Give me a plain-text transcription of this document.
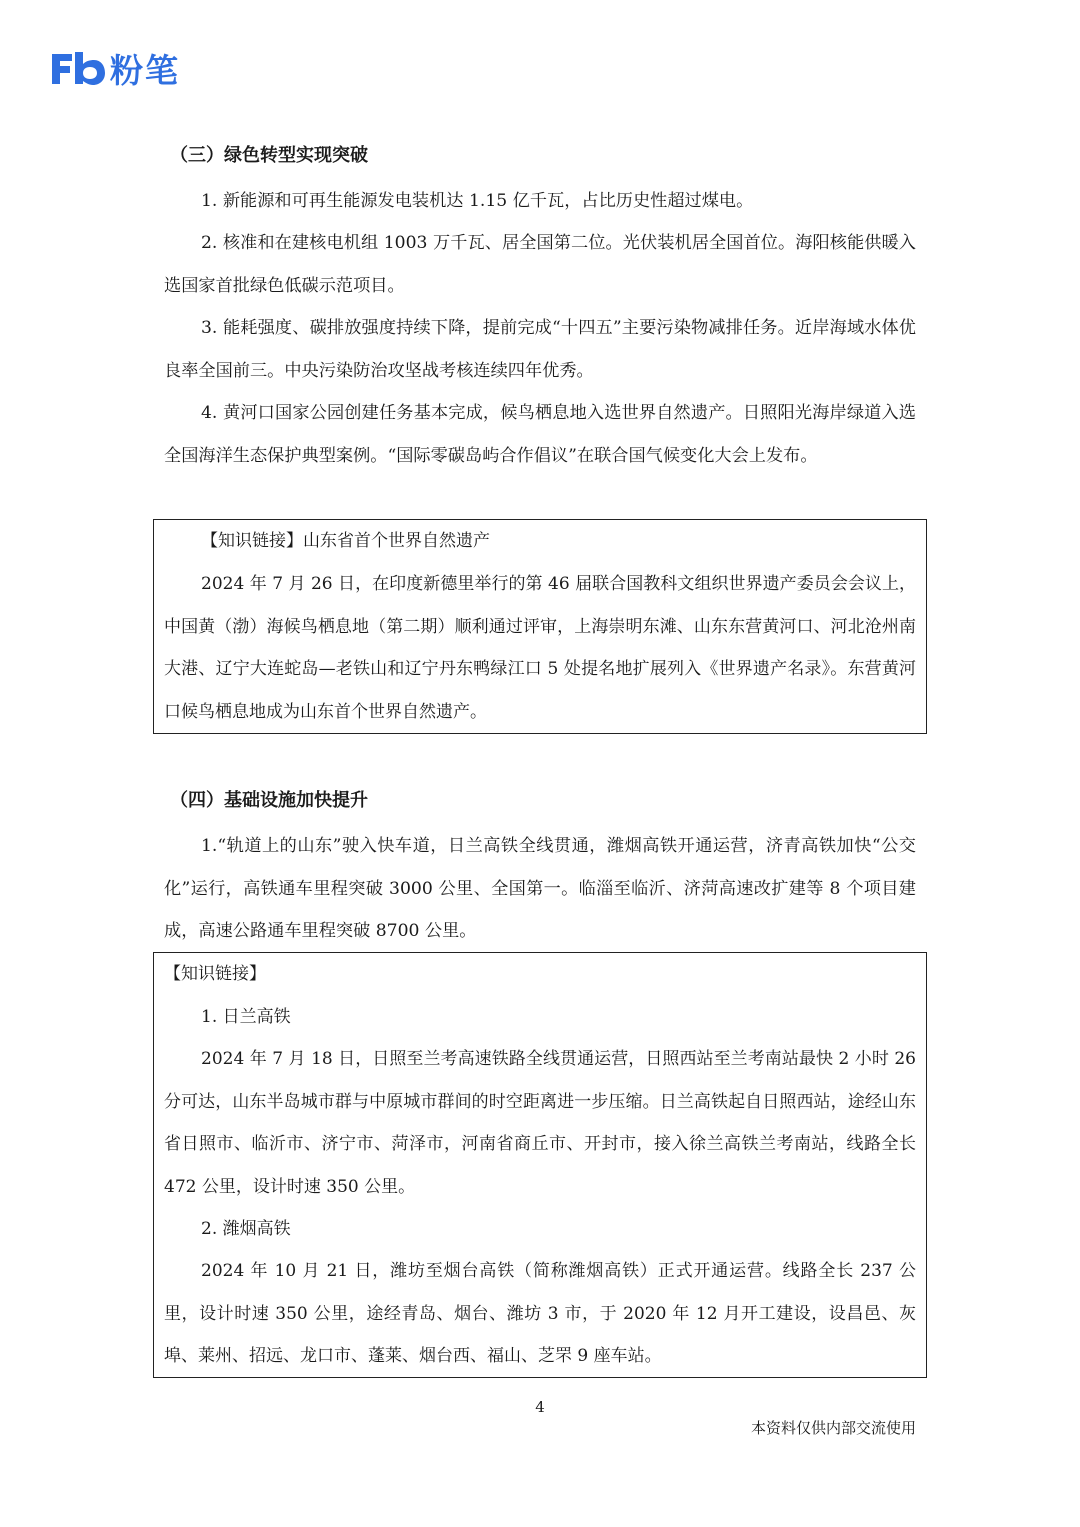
粉笔
（三）绿色转型实现突破
1. 新能源和可再生能源发电装机达 1.15 亿千瓦，占比历史性超过煤电。
2. 核准和在建核电机组 1003 万千瓦、居全国第二位。光伏装机居全国首位。海阳核能供暖入选国家首批绿色低碳示范项目。
3. 能耗强度、碳排放强度持续下降，提前完成“十四五”主要污染物减排任务。近岸海域水体优良率全国前三。中央污染防治攻坚战考核连续四年优秀。
4. 黄河口国家公园创建任务基本完成，候鸟栖息地入选世界自然遗产。日照阳光海岸绿道入选全国海洋生态保护典型案例。“国际零碳岛屿合作倡议”在联合国气候变化大会上发布。
【知识链接】山东省首个世界自然遗产
2024 年 7 月 26 日，在印度新德里举行的第 46 届联合国教科文组织世界遗产委员会会议上，中国黄（渤）海候鸟栖息地（第二期）顺利通过评审，上海崇明东滩、山东东营黄河口、河北沧州南大港、辽宁大连蛇岛—老铁山和辽宁丹东鸭绿江口 5 处提名地扩展列入《世界遗产名录》。东营黄河口候鸟栖息地成为山东首个世界自然遗产。
（四）基础设施加快提升
1.“轨道上的山东”驶入快车道，日兰高铁全线贯通，潍烟高铁开通运营，济青高铁加快“公交化”运行，高铁通车里程突破 3000 公里、全国第一。临淄至临沂、济菏高速改扩建等 8 个项目建成，高速公路通车里程突破 8700 公里。
【知识链接】
1. 日兰高铁
2024 年 7 月 18 日，日照至兰考高速铁路全线贯通运营，日照西站至兰考南站最快 2 小时 26 分可达，山东半岛城市群与中原城市群间的时空距离进一步压缩。日兰高铁起自日照西站，途经山东省日照市、临沂市、济宁市、菏泽市，河南省商丘市、开封市，接入徐兰高铁兰考南站，线路全长 472 公里，设计时速 350 公里。
2. 潍烟高铁
2024 年 10 月 21 日，潍坊至烟台高铁（简称潍烟高铁）正式开通运营。线路全长 237 公里，设计时速 350 公里，途经青岛、烟台、潍坊 3 市，于 2020 年 12 月开工建设，设昌邑、灰埠、莱州、招远、龙口市、蓬莱、烟台西、福山、芝罘 9 座车站。
4
本资料仅供内部交流使用
